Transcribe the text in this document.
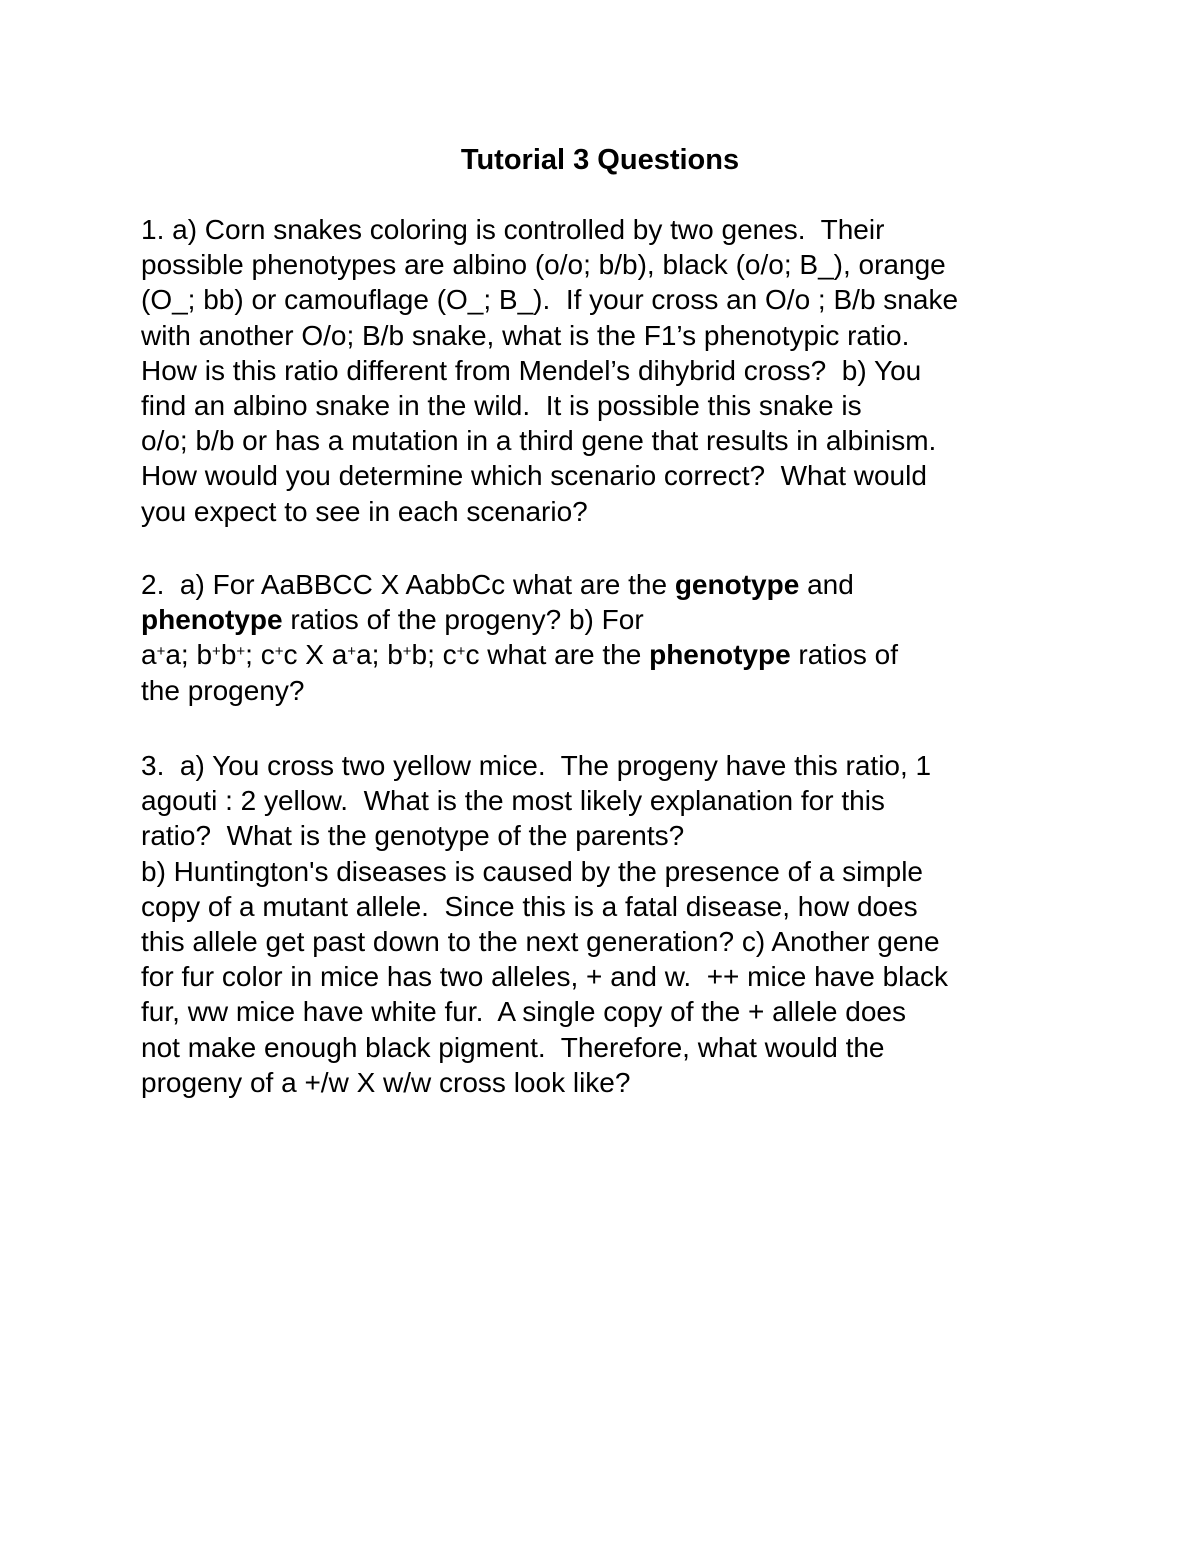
Tutorial 3 Questions
1. a) Corn snakes coloring is controlled by two genes.  Their
possible phenotypes are albino (o/o; b/b), black (o/o; B_), orange
(O_; bb) or camouflage (O_; B_).  If your cross an O/o ; B/b snake
with another O/o; B/b snake, what is the F1’s phenotypic ratio.
How is this ratio different from Mendel’s dihybrid cross?  b) You
find an albino snake in the wild.  It is possible this snake is
o/o; b/b or has a mutation in a third gene that results in albinism.
How would you determine which scenario correct?  What would
you expect to see in each scenario?
2.  a) For AaBBCC X AabbCc what are the genotype and
phenotype ratios of the progeny? b) For
a+a; b+b+; c+c X a+a; b+b; c+c what are the phenotype ratios of
the progeny?
3.  a) You cross two yellow mice.  The progeny have this ratio, 1
agouti : 2 yellow.  What is the most likely explanation for this
ratio?  What is the genotype of the parents?
b) Huntington's diseases is caused by the presence of a simple
copy of a mutant allele.  Since this is a fatal disease, how does
this allele get past down to the next generation? c) Another gene
for fur color in mice has two alleles, + and w.  ++ mice have black
fur, ww mice have white fur.  A single copy of the + allele does
not make enough black pigment.  Therefore, what would the
progeny of a +/w X w/w cross look like?
